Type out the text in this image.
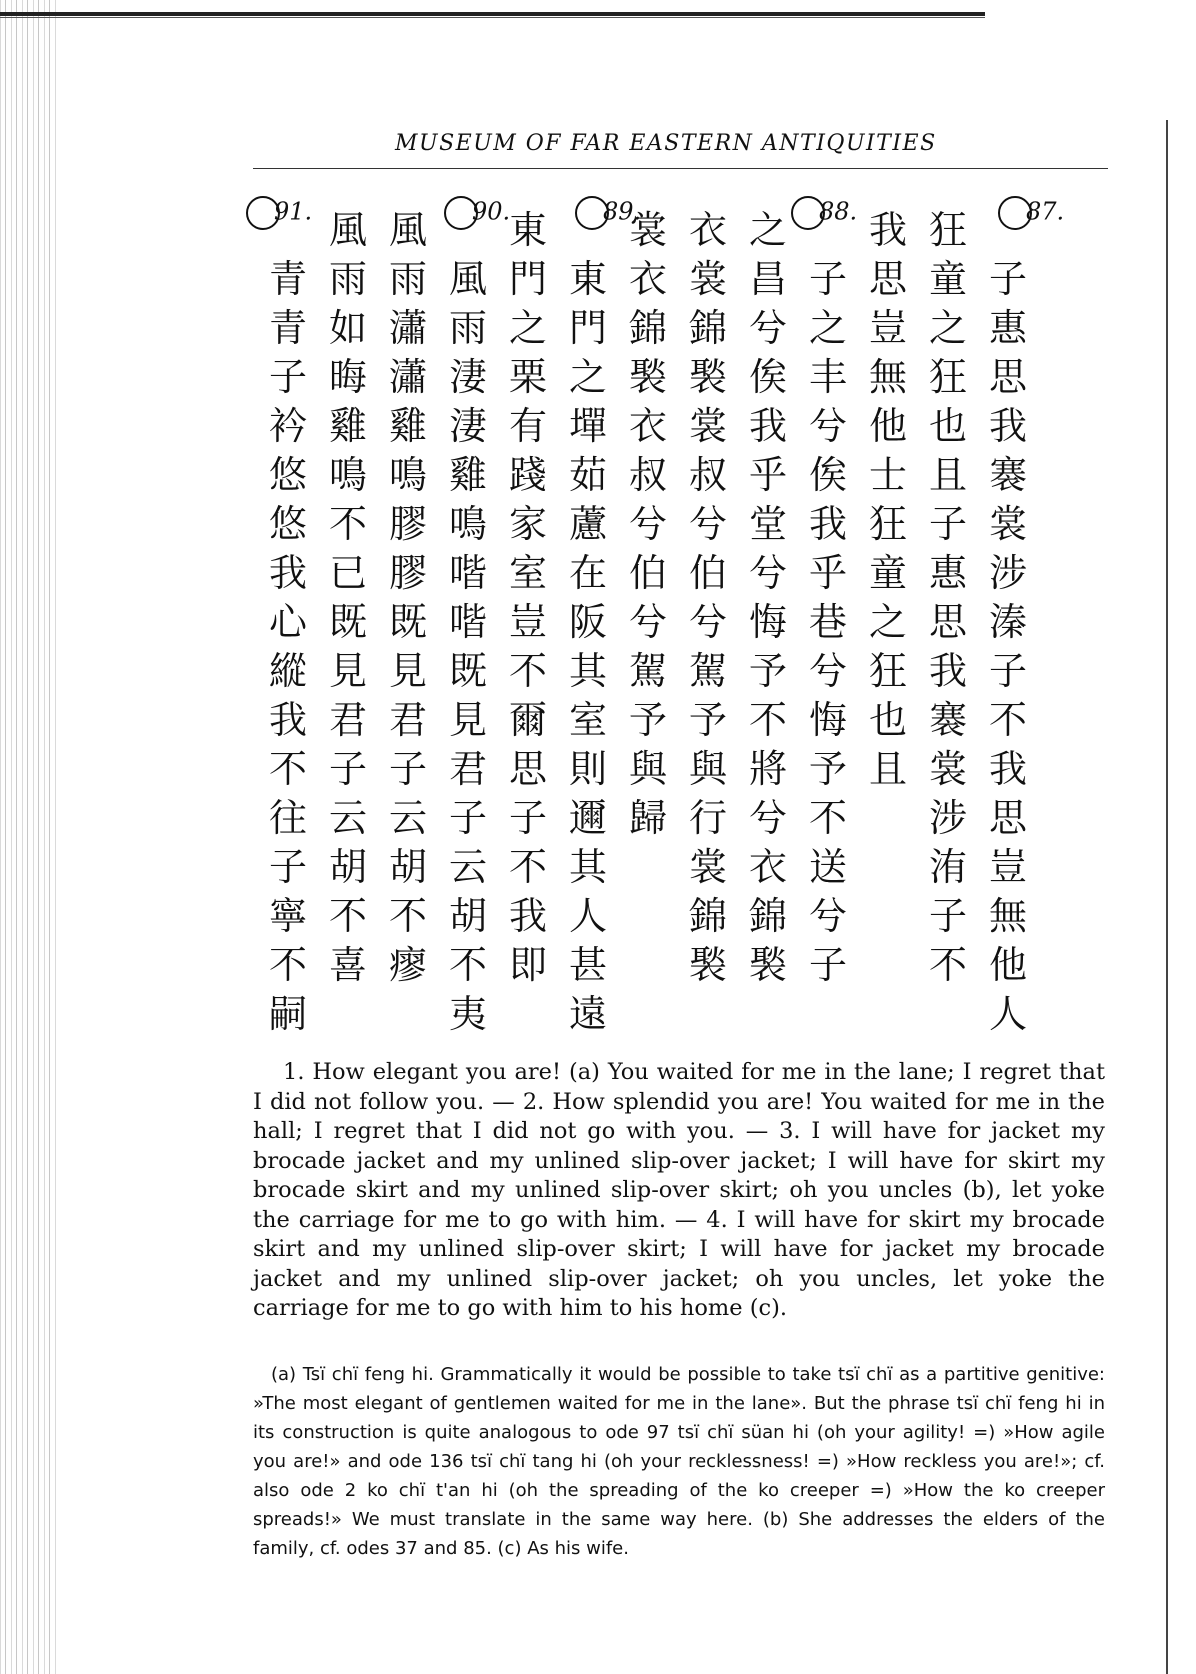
MUSEUM OF FAR EASTERN ANTIQUITIES
87.
88.
89.
90.
91.
子
惠
思
我
褰
裳
涉
溱
子
不
我
思
豈
無
他
人
狂
童
之
狂
也
且
子
惠
思
我
褰
裳
涉
洧
子
不
我
思
豈
無
他
士
狂
童
之
狂
也
且
子
之
丰
兮
俟
我
乎
巷
兮
悔
予
不
送
兮
子
之
昌
兮
俟
我
乎
堂
兮
悔
予
不
將
兮
衣
錦
褧
衣
裳
錦
褧
裳
叔
兮
伯
兮
駕
予
與
行
裳
錦
褧
裳
衣
錦
褧
衣
叔
兮
伯
兮
駕
予
與
歸
東
門
之
墠
茹
藘
在
阪
其
室
則
邇
其
人
甚
遠
東
門
之
栗
有
踐
家
室
豈
不
爾
思
子
不
我
即
風
雨
淒
淒
雞
鳴
喈
喈
既
見
君
子
云
胡
不
夷
風
雨
瀟
瀟
雞
鳴
膠
膠
既
見
君
子
云
胡
不
瘳
風
雨
如
晦
雞
鳴
不
已
既
見
君
子
云
胡
不
喜
青
青
子
衿
悠
悠
我
心
縱
我
不
往
子
寧
不
嗣
1. How elegant you are! (a) You waited for me in the lane; I regret that I did not follow you. — 2. How splendid you are! You waited for me in the hall; I regret that I did not go with you. — 3. I will have for jacket my brocade jacket and my unlined slip-over jacket; I will have for skirt my brocade skirt and my unlined slip-over skirt; oh you uncles (b), let yoke the carriage for me to go with him. — 4. I will have for skirt my brocade skirt and my unlined slip-over skirt; I will have for jacket my brocade jacket and my unlined slip-over jacket; oh you uncles, let yoke the carriage for me to go with him to his home (c).
(a) Tsï chï feng hi. Grammatically it would be possible to take tsï chï as a partitive genitive: »The most elegant of gentlemen waited for me in the lane». But the phrase tsï chï feng hi in its construction is quite analogous to ode 97 tsï chï süan hi (oh your agility! =) »How agile you are!» and ode 136 tsï chï tang hi (oh your recklessness! =) »How reckless you are!»; cf. also ode 2 ko chï t'an hi (oh the spreading of the ko creeper =) »How the ko creeper spreads!» We must translate in the same way here. (b) She addresses the elders of the family, cf. odes 37 and 85. (c) As his wife.
